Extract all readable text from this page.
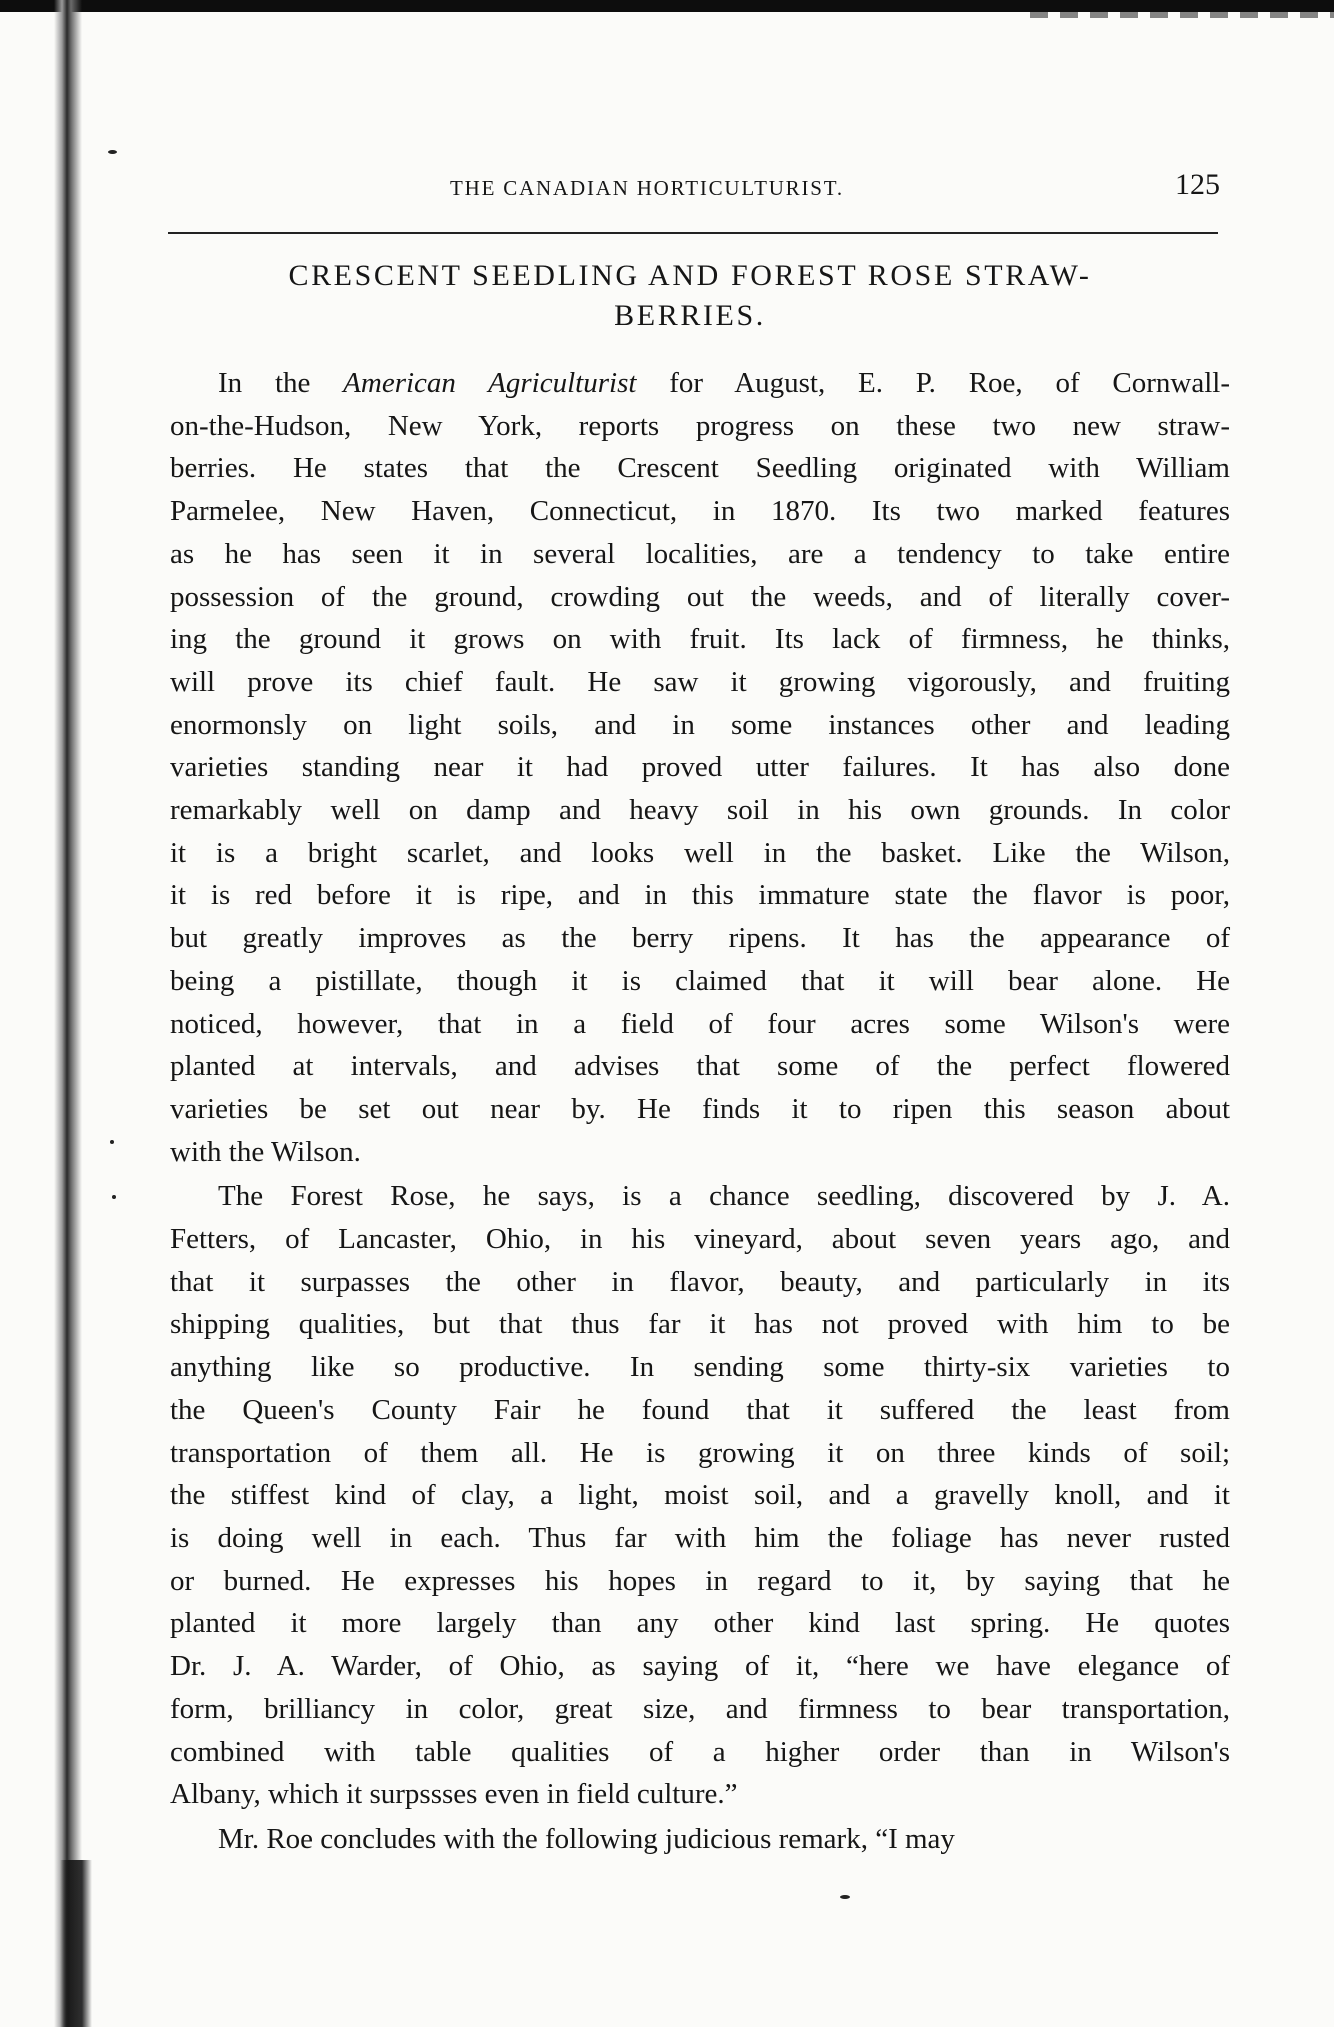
THE CANADIAN HORTICULTURIST.	125
CRESCENT SEEDLING AND FOREST ROSE STRAW-
BERRIES.
In the American Agriculturist for August, E. P. Roe, of Cornwall-
on-the-Hudson, New York, reports progress on these two new straw-
berries. He states that the Crescent Seedling originated with William
Parmelee, New Haven, Connecticut, in 1870. Its two marked features
as he has seen it in several localities, are a tendency to take entire
possession of the ground, crowding out the weeds, and of literally cover-
ing the ground it grows on with fruit. Its lack of firmness, he thinks,
will prove its chief fault. He saw it growing vigorously, and fruiting
enormonsly on light soils, and in some instances other and leading
varieties standing near it had proved utter failures. It has also done
remarkably well on damp and heavy soil in his own grounds. In color
it is a bright scarlet, and looks well in the basket. Like the Wilson,
it is red before it is ripe, and in this immature state the flavor is poor,
but greatly improves as the berry ripens. It has the appearance of
being a pistillate, though it is claimed that it will bear alone. He
noticed, however, that in a field of four acres some Wilson's were
planted at intervals, and advises that some of the perfect flowered
varieties be set out near by. He finds it to ripen this season about
with the Wilson.
The Forest Rose, he says, is a chance seedling, discovered by J. A.
Fetters, of Lancaster, Ohio, in his vineyard, about seven years ago, and
that it surpasses the other in flavor, beauty, and particularly in its
shipping qualities, but that thus far it has not proved with him to be
anything like so productive. In sending some thirty-six varieties to
the Queen's County Fair he found that it suffered the least from
transportation of them all. He is growing it on three kinds of soil;
the stiffest kind of clay, a light, moist soil, and a gravelly knoll, and it
is doing well in each. Thus far with him the foliage has never rusted
or burned. He expresses his hopes in regard to it, by saying that he
planted it more largely than any other kind last spring. He quotes
Dr. J. A. Warder, of Ohio, as saying of it, “here we have elegance of
form, brilliancy in color, great size, and firmness to bear transportation,
combined with table qualities of a higher order than in Wilson's
Albany, which it surpssses even in field culture.”
Mr. Roe concludes with the following judicious remark, “I may
